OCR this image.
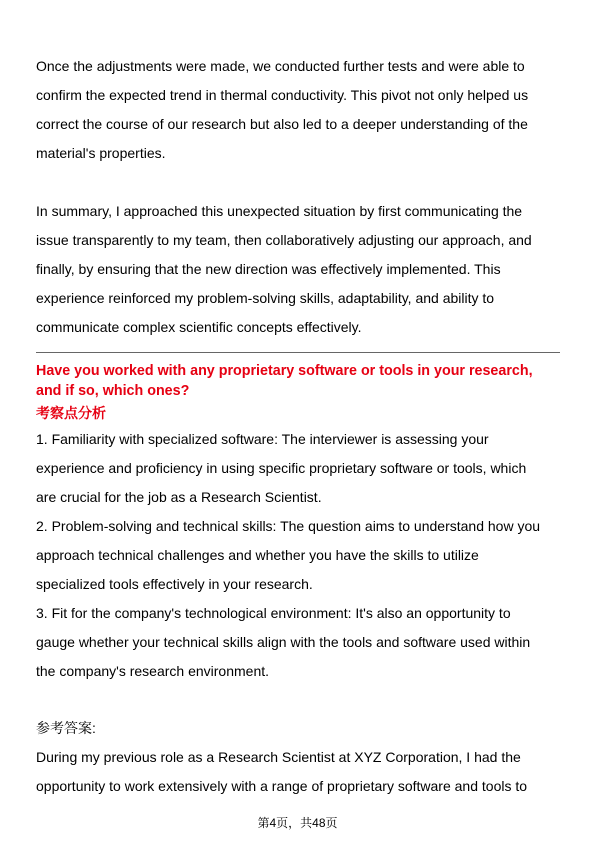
Once the adjustments were made, we conducted further tests and were able to

confirm the expected trend in thermal conductivity. This pivot not only helped us

correct the course of our research but also led to a deeper understanding of the

material's properties.

In summary, I approached this unexpected situation by first communicating the

issue transparently to my team, then collaboratively adjusting our approach, and

finally, by ensuring that the new direction was effectively implemented. This

experience reinforced my problem-solving skills, adaptability, and ability to

communicate complex scientific concepts effectively.

Have you worked with any proprietary software or tools in your research,

and if so, which ones?

考察点分析

1. Familiarity with specialized software: The interviewer is assessing your

experience and proficiency in using specific proprietary software or tools, which

are crucial for the job as a Research Scientist.

2. Problem-solving and technical skills: The question aims to understand how you

approach technical challenges and whether you have the skills to utilize

specialized tools effectively in your research.

3. Fit for the company's technological environment: It's also an opportunity to

gauge whether your technical skills align with the tools and software used within

the company's research environment.

参考答案:

During my previous role as a Research Scientist at XYZ Corporation, I had the

opportunity to work extensively with a range of proprietary software and tools to

第4页，共48页
